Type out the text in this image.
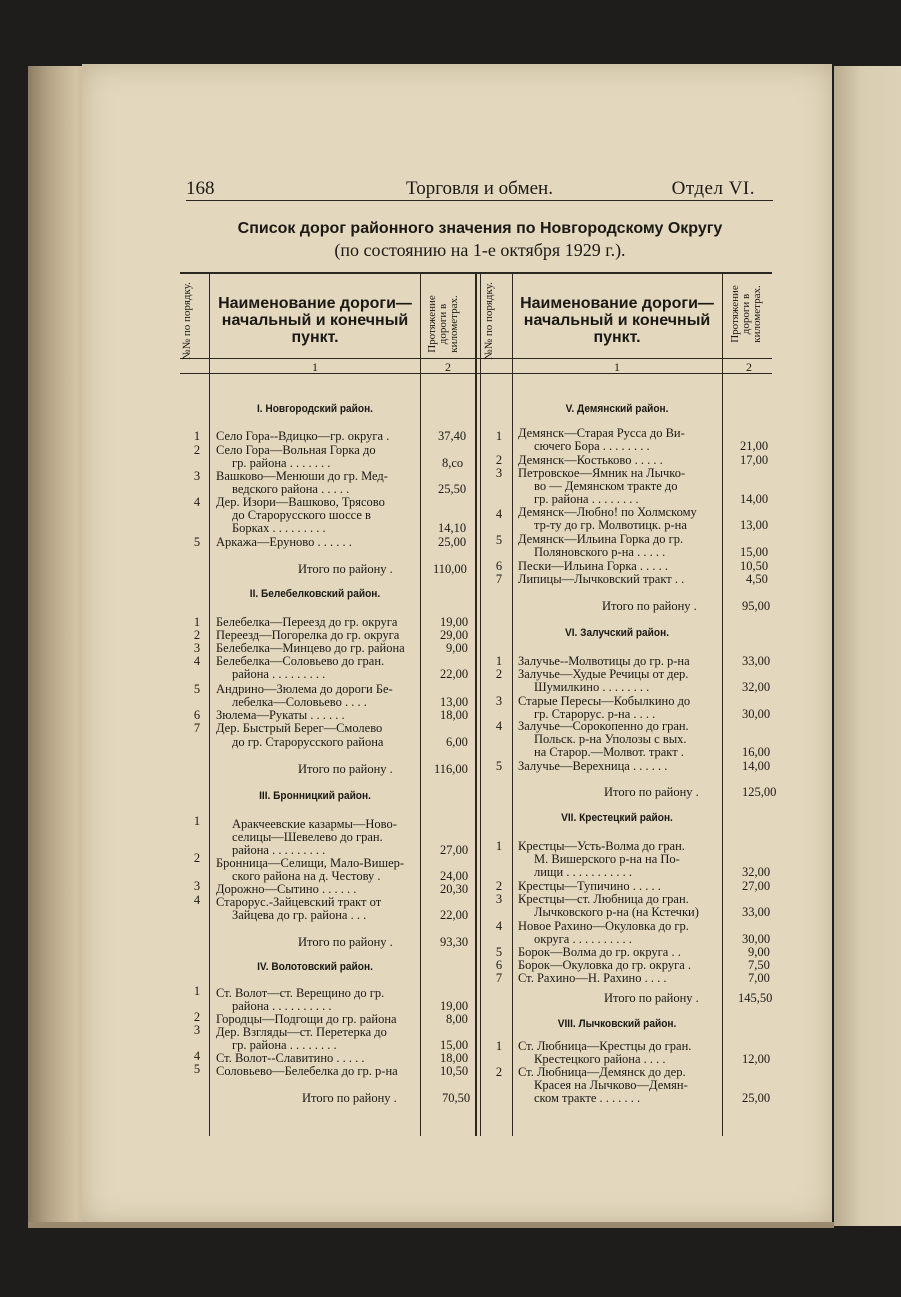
168	Торговля и обмен.	Отдел VI.
Список дорог районного значения по Новгородскому Округу
(по состоянию на 1-е октября 1929 г.).
№№ по порядку.	Наименование дороги— начальный и конечный пункт.	Протяжение дороги в километрах.
1	2
№№ по порядку.	Наименование дороги— начальный и конечный пункт.	Протяжение дороги в километрах.
1	2
I. Новгородский район.
1	Село Гора--Вдицко—гр. округа .	37,40
2	Село Гора—Вольная Горка до
гр. района . . . . . . .	8,co
3	Вашково—Менюши до гр. Мед-
ведского района . . . . .	25,50
4	Дер. Изори—Вашково, Трясово
до Старорусского шоссе в
Борках . . . . . . . . .	14,10
5	Аркажа—Еруново . . . . . .	25,00
Итого по району .	110,00
II. Белебелковский район.
1	Белебелка—Переезд до гр. округа	19,00
2	Переезд—Погорелка до гр. округа	29,00
3	Белебелка—Минцево до гр. района	9,00
4	Белебелка—Соловьево до гран.
района . . . . . . . . .	22,00
5	Андрино—Зюлема до дороги Бе-
лебелка—Соловьево . . . .	13,00
6	Зюлема—Рукаты . . . . . .	18,00
7	Дер. Быстрый Берег—Смолево
до гр. Старорусского района	6,00
Итого по району .	116,00
III. Бронницкий район.
1	Аракчеевские казармы—Ново-
селицы—Шевелево до гран.
района . . . . . . . . .	27,00
2	Бронница—Селищи, Мало-Вишер-
ского района на д. Честову .	24,00
3	Дорожно—Сытино . . . . . .	20,30
4	Старорус.-Зайцевский тракт от
Зайцева до гр. района . . .	22,00
Итого по району .	93,30
IV. Волотовский район.
1	Ст. Волот—ст. Верещино до гр.
района . . . . . . . . . .	19,00
2	Городцы—Подгощи до гр. района	8,00
3	Дер. Взгляды—ст. Перетерка до
гр. района . . . . . . . .	15,00
4	Ст. Волот--Славитино . . . . .	18,00
5	Соловьево—Белебелка до гр. р-на	10,50
Итого по району .	70,50
V. Демянский район.
1	Демянск—Старая Русса до Ви-
сючего Бора . . . . . . . .	21,00
2	Демянск—Костьково . . . . .	17,00
3	Петровское—Ямник на Лычко-
во — Демянском тракте до
гр. района . . . . . . . .	14,00
4	Демянск—Любно! по Холмскому
тр-ту до гр. Молвотицк. р-на	13,00
5	Демянск—Ильина Горка до гр.
Поляновского р-на . . . . .	15,00
6	Пески—Ильина Горка . . . . .	10,50
7	Липицы—Лычковский тракт . .	4,50
Итого по району .	95,00
VI. Залучский район.
1	Залучье--Молвотицы до гр. р-на	33,00
2	Залучье—Худые Речицы от дер.
Шумилкино . . . . . . . .	32,00
3	Старые Пересы—Кобылкино до
гр. Старорус. р-на . . . .	30,00
4	Залучье—Сорокопенно до гран.
Польск. р-на Уполозы с вых.
на Старор.—Молвот. тракт .	16,00
5	Залучье—Верехница . . . . . .	14,00
Итого по району .	125,00
VII. Крестецкий район.
1	Крестцы—Усть-Волма до гран.
М. Вишерского р-на на По-
лищи . . . . . . . . . . .	32,00
2	Крестцы—Тупичино . . . . .	27,00
3	Крестцы—ст. Любница до гран.
Лычковского р-на (на Кстечки)	33,00
4	Новое Рахино—Окуловка до гр.
округа . . . . . . . . . .	30,00
5	Борок—Волма до гр. округа . .	9,00
6	Борок—Окуловка до гр. округа .	7,50
7	Ст. Рахино—Н. Рахино . . . .	7,00
Итого по району .	145,50
VIII. Лычковский район.
1	Ст. Любница—Крестцы до гран.
Крестецкого района . . . .	12,00
2	Ст. Любница—Демянск до дер.
Красея на Лычково—Демян-
ском тракте . . . . . . .	25,00
